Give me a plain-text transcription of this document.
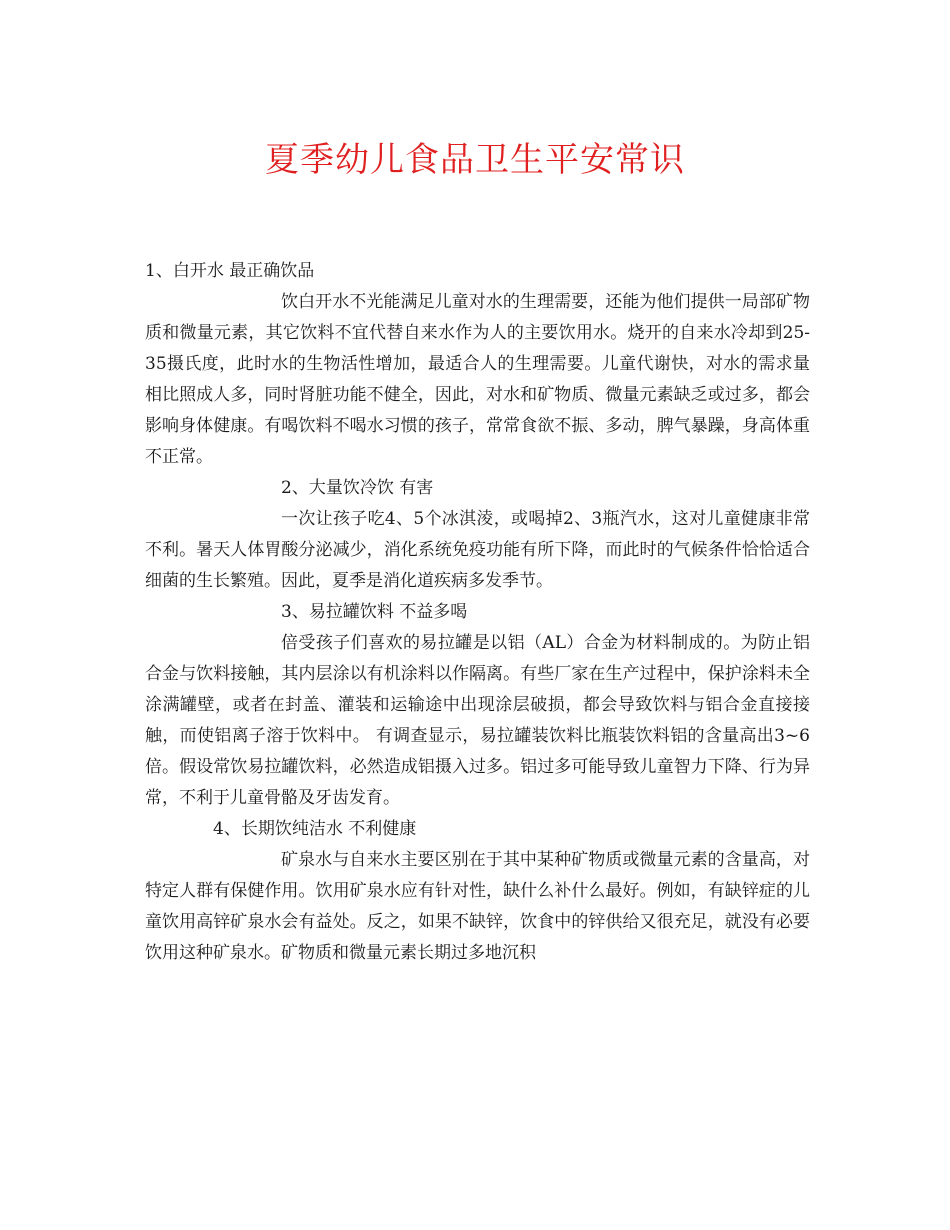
夏季幼儿食品卫生平安常识

1、白开水 最正确饮品

饮白开水不光能满足儿童对水的生理需要，还能为他们提供一局部矿物质和微量元素，其它饮料不宜代替自来水作为人的主要饮用水。烧开的自来水冷却到25-35摄氏度，此时水的生物活性增加，最适合人的生理需要。儿童代谢快，对水的需求量相比照成人多，同时肾脏功能不健全，因此，对水和矿物质、微量元素缺乏或过多，都会影响身体健康。有喝饮料不喝水习惯的孩子，常常食欲不振、多动，脾气暴躁，身高体重不正常。

2、大量饮冷饮 有害

一次让孩子吃4、5个冰淇淩，或喝掉2、3瓶汽水，这对儿童健康非常不利。暑天人体胃酸分泌减少，消化系统免疫功能有所下降，而此时的气候条件恰恰适合细菌的生长繁殖。因此，夏季是消化道疾病多发季节。

3、易拉罐饮料 不益多喝

倍受孩子们喜欢的易拉罐是以铝（AL）合金为材料制成的。为防止铝合金与饮料接触，其内层涂以有机涂料以作隔离。有些厂家在生产过程中，保护涂料未全涂满罐壁，或者在封盖、灌装和运输途中出现涂层破损，都会导致饮料与铝合金直接接触，而使铝离子溶于饮料中。 有调查显示，易拉罐装饮料比瓶装饮料铝的含量高出3~6倍。假设常饮易拉罐饮料，必然造成铝摄入过多。铝过多可能导致儿童智力下降、行为异常，不利于儿童骨骼及牙齿发育。

4、长期饮纯洁水 不利健康

矿泉水与自来水主要区别在于其中某种矿物质或微量元素的含量高，对特定人群有保健作用。饮用矿泉水应有针对性，缺什么补什么最好。例如，有缺锌症的儿童饮用高锌矿泉水会有益处。反之，如果不缺锌，饮食中的锌供给又很充足，就没有必要饮用这种矿泉水。矿物质和微量元素长期过多地沉积
